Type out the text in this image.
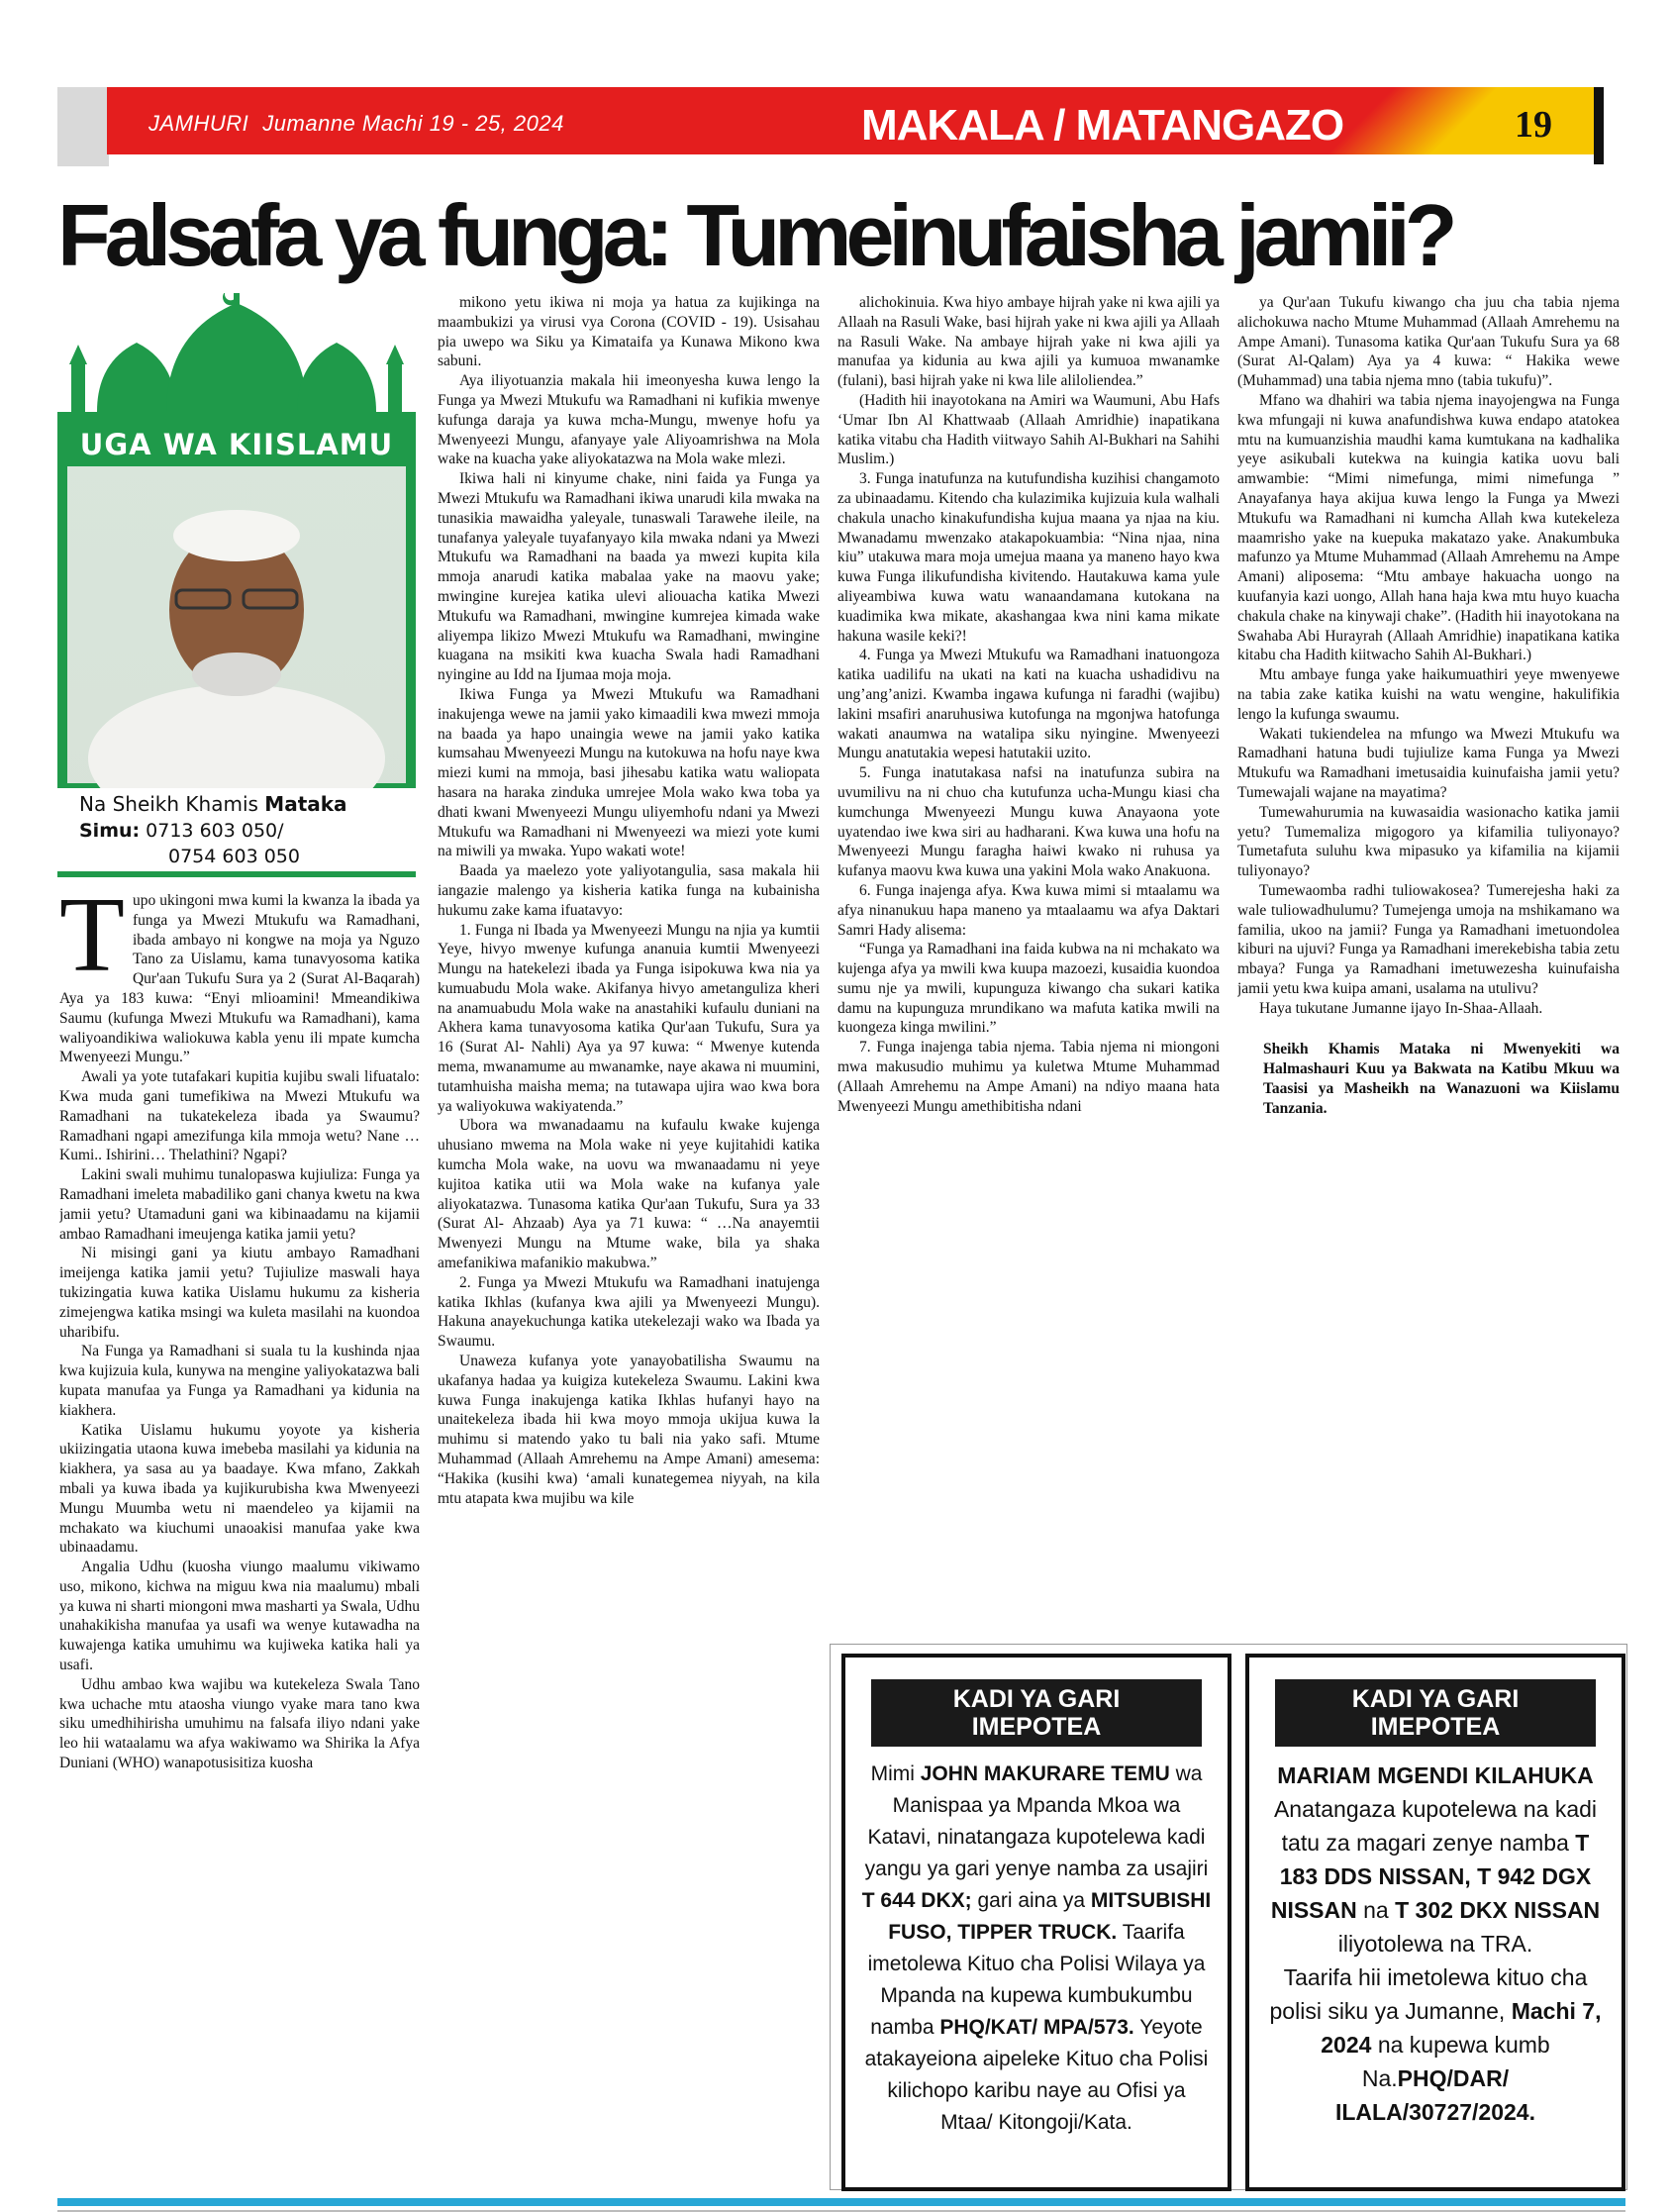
JAMHURI Jumanne Machi 19 - 25, 2024	MAKALA / MATANGAZO	19
Falsafa ya funga: Tumeinufaisha jamii?
UGA WA KIISLAMU
Na Sheikh Khamis Mataka
Simu: 0713 603 050/
0754 603 050
T upo ukingoni mwa kumi la kwanza la ibada ya funga ya Mwezi Mtukufu wa Ramadhani, ibada ambayo ni kongwe na moja ya Nguzo Tano za Uislamu, kama tunavyosoma katika Qur'aan Tukufu Sura ya 2 (Surat Al-Baqarah) Aya ya 183 kuwa: “Enyi mlioamini! Mmeandikiwa Saumu (kufunga Mwezi Mtukufu wa Ramadhani), kama waliyoandikiwa waliokuwa kabla yenu ili mpate kumcha Mwenyeezi Mungu.”

Awali ya yote tutafakari kupitia kujibu swali lifuatalo: Kwa muda gani tumefikiwa na Mwezi Mtukufu wa Ramadhani na tukatekeleza ibada ya Swaumu? Ramadhani ngapi amezifunga kila mmoja wetu? Nane … Kumi.. Ishirini… Thelathini? Ngapi?

Lakini swali muhimu tunalopaswa kujiuliza: Funga ya Ramadhani imeleta mabadiliko gani chanya kwetu na kwa jamii yetu? Utamaduni gani wa kibinaadamu na kijamii ambao Ramadhani imeujenga katika jamii yetu?

Ni misingi gani ya kiutu ambayo Ramadhani imeijenga katika jamii yetu? Tujiulize maswali haya tukizingatia kuwa katika Uislamu hukumu za kisheria zimejengwa katika msingi wa kuleta masilahi na kuondoa uharibifu.

Na Funga ya Ramadhani si suala tu la kushinda njaa kwa kujizuia kula, kunywa na mengine yaliyokatazwa bali kupata manufaa ya Funga ya Ramadhani ya kidunia na kiakhera.

Katika Uislamu hukumu yoyote ya kisheria ukiizingatia utaona kuwa imebeba masilahi ya kidunia na kiakhera, ya sasa au ya baadaye. Kwa mfano, Zakkah mbali ya kuwa ibada ya kujikurubisha kwa Mwenyeezi Mungu Muumba wetu ni maendeleo ya kijamii na mchakato wa kiuchumi unaoakisi manufaa yake kwa ubinaadamu.

Angalia Udhu (kuosha viungo maalumu vikiwamo uso, mikono, kichwa na miguu kwa nia maalumu) mbali ya kuwa ni sharti miongoni mwa masharti ya Swala, Udhu unahakikisha manufaa ya usafi wa wenye kutawadha na kuwajenga katika umuhimu wa kujiweka katika hali ya usafi.

Udhu ambao kwa wajibu wa kutekeleza Swala Tano kwa uchache mtu ataosha viungo vyake mara tano kwa siku umedhihirisha umuhimu na falsafa iliyo ndani yake leo hii wataalamu wa afya wakiwamo wa Shirika la Afya Duniani (WHO) wanapotusisitiza kuosha

mikono yetu ikiwa ni moja ya hatua za kujikinga na maambukizi ya virusi vya Corona (COVID - 19). Usisahau pia uwepo wa Siku ya Kimataifa ya Kunawa Mikono kwa sabuni.

Aya iliyotuanzia makala hii imeonyesha kuwa lengo la Funga ya Mwezi Mtukufu wa Ramadhani ni kufikia mwenye kufunga daraja ya kuwa mcha-Mungu, mwenye hofu ya Mwenyeezi Mungu, afanyaye yale Aliyoamrishwa na Mola wake na kuacha yake aliyokatazwa na Mola wake mlezi.

Ikiwa hali ni kinyume chake, nini faida ya Funga ya Mwezi Mtukufu wa Ramadhani ikiwa unarudi kila mwaka na tunasikia mawaidha yaleyale, tunaswali Tarawehe ileile, na tunafanya yaleyale tuyafanyayo kila mwaka ndani ya Mwezi Mtukufu wa Ramadhani na baada ya mwezi kupita kila mmoja anarudi katika mabalaa yake na maovu yake; mwingine kurejea katika ulevi aliouacha katika Mwezi Mtukufu wa Ramadhani, mwingine kumrejea kimada wake aliyempa likizo Mwezi Mtukufu wa Ramadhani, mwingine kuagana na msikiti kwa kuacha Swala hadi Ramadhani nyingine au Idd na Ijumaa moja moja.

Ikiwa Funga ya Mwezi Mtukufu wa Ramadhani inakujenga wewe na jamii yako kimaadili kwa mwezi mmoja na baada ya hapo unaingia wewe na jamii yako katika kumsahau Mwenyeezi Mungu na kutokuwa na hofu naye kwa miezi kumi na mmoja, basi jihesabu katika watu waliopata hasara na haraka zinduka umrejee Mola wako kwa toba ya dhati kwani Mwenyeezi Mungu uliyemhofu ndani ya Mwezi Mtukufu wa Ramadhani ni Mwenyeezi wa miezi yote kumi na miwili ya mwaka. Yupo wakati wote!

Baada ya maelezo yote yaliyotangulia, sasa makala hii iangazie malengo ya kisheria katika funga na kubainisha hukumu zake kama ifuatavyo:

1. Funga ni Ibada ya Mwenyeezi Mungu na njia ya kumtii Yeye, hivyo mwenye kufunga ananuia kumtii Mwenyeezi Mungu na hatekelezi ibada ya Funga isipokuwa kwa nia ya kumuabudu Mola wake. Akifanya hivyo ametanguliza kheri na anamuabudu Mola wake na anastahiki kufaulu duniani na Akhera kama tunavyosoma katika Qur'aan Tukufu, Sura ya 16 (Surat Al- Nahli) Aya ya 97 kuwa: “ Mwenye kutenda mema, mwanamume au mwanamke, naye akawa ni muumini, tutamhuisha maisha mema; na tutawapa ujira wao kwa bora ya waliyokuwa wakiyatenda.”

Ubora wa mwanadaamu na kufaulu kwake kujenga uhusiano mwema na Mola wake ni yeye kujitahidi katika kumcha Mola wake, na uovu wa mwanaadamu ni yeye kujitoa katika utii wa Mola wake na kufanya yale aliyokatazwa. Tunasoma katika Qur'aan Tukufu, Sura ya 33 (Surat Al- Ahzaab) Aya ya 71 kuwa: “ …Na anayemtii Mwenyezi Mungu na Mtume wake, bila ya shaka amefanikiwa mafanikio makubwa.”

2. Funga ya Mwezi Mtukufu wa Ramadhani inatujenga katika Ikhlas (kufanya kwa ajili ya Mwenyeezi Mungu). Hakuna anayekuchunga katika utekelezaji wako wa Ibada ya Swaumu.

Unaweza kufanya yote yanayobatilisha Swaumu na ukafanya hadaa ya kuigiza kutekeleza Swaumu. Lakini kwa kuwa Funga inakujenga katika Ikhlas hufanyi hayo na unaitekeleza ibada hii kwa moyo mmoja ukijua kuwa la muhimu si matendo yako tu bali nia yako safi. Mtume Muhammad (Allaah Amrehemu na Ampe Amani) amesema: “Hakika (kusihi kwa) ‘amali kunategemea niyyah, na kila mtu atapata kwa mujibu wa kile

alichokinuia. Kwa hiyo ambaye hijrah yake ni kwa ajili ya Allaah na Rasuli Wake, basi hijrah yake ni kwa ajili ya Allaah na Rasuli Wake. Na ambaye hijrah yake ni kwa ajili ya manufaa ya kidunia au kwa ajili ya kumuoa mwanamke (fulani), basi hijrah yake ni kwa lile aliloliendea.”

(Hadith hii inayotokana na Amiri wa Waumuni, Abu Hafs ‘Umar Ibn Al Khattwaab (Allaah Amridhie) inapatikana katika vitabu cha Hadith viitwayo Sahih Al-Bukhari na Sahihi Muslim.)

3. Funga inatufunza na kutufundisha kuzihisi changamoto za ubinaadamu. Kitendo cha kulazimika kujizuia kula walhali chakula unacho kinakufundisha kujua maana ya njaa na kiu. Mwanadamu mwenzako atakapokuambia: “Nina njaa, nina kiu” utakuwa mara moja umejua maana ya maneno hayo kwa kuwa Funga ilikufundisha kivitendo. Hautakuwa kama yule aliyeambiwa kuwa watu wanaandamana kutokana na kuadimika kwa mikate, akashangaa kwa nini kama mikate hakuna wasile keki?!

4. Funga ya Mwezi Mtukufu wa Ramadhani inatuongoza katika uadilifu na ukati na kati na kuacha ushadidivu na ung’ang’anizi. Kwamba ingawa kufunga ni faradhi (wajibu) lakini msafiri anaruhusiwa kutofunga na mgonjwa hatofunga wakati anaumwa na watalipa siku nyingine. Mwenyeezi Mungu anatutakia wepesi hatutakii uzito.

5. Funga inatutakasa nafsi na inatufunza subira na uvumilivu na ni chuo cha kutufunza ucha-Mungu kiasi cha kumchunga Mwenyeezi Mungu kuwa Anayaona yote uyatendao iwe kwa siri au hadharani. Kwa kuwa una hofu na Mwenyeezi Mungu faragha haiwi kwako ni ruhusa ya kufanya maovu kwa kuwa una yakini Mola wako Anakuona.

6. Funga inajenga afya. Kwa kuwa mimi si mtaalamu wa afya ninanukuu hapa maneno ya mtaalaamu wa afya Daktari Samri Hady alisema:

“Funga ya Ramadhani ina faida kubwa na ni mchakato wa kujenga afya ya mwili kwa kuupa mazoezi, kusaidia kuondoa sumu nje ya mwili, kupunguza kiwango cha sukari katika damu na kupunguza mrundikano wa mafuta katika mwili na kuongeza kinga mwilini.”

7. Funga inajenga tabia njema. Tabia njema ni miongoni mwa makusudio muhimu ya kuletwa Mtume Muhammad (Allaah Amrehemu na Ampe Amani) na ndiyo maana hata Mwenyeezi Mungu amethibitisha ndani

ya Qur'aan Tukufu kiwango cha juu cha tabia njema alichokuwa nacho Mtume Muhammad (Allaah Amrehemu na Ampe Amani). Tunasoma katika Qur'aan Tukufu Sura ya 68 (Surat Al-Qalam) Aya ya 4 kuwa: “ Hakika wewe (Muhammad) una tabia njema mno (tabia tukufu)”.

Mfano wa dhahiri wa tabia njema inayojengwa na Funga kwa mfungaji ni kuwa anafundishwa kuwa endapo atatokea mtu na kumuanzishia maudhi kama kumtukana na kadhalika yeye asikubali kutekwa na kuingia katika uovu bali amwambie: “Mimi nimefunga, mimi nimefunga ” Anayafanya haya akijua kuwa lengo la Funga ya Mwezi Mtukufu wa Ramadhani ni kumcha Allah kwa kutekeleza maamrisho yake na kuepuka makatazo yake. Anakumbuka mafunzo ya Mtume Muhammad (Allaah Amrehemu na Ampe Amani) aliposema: “Mtu ambaye hakuacha uongo na kuufanyia kazi uongo, Allah hana haja kwa mtu huyo kuacha chakula chake na kinywaji chake”. (Hadith hii inayotokana na Swahaba Abi Hurayrah (Allaah Amridhie) inapatikana katika kitabu cha Hadith kiitwacho Sahih Al-Bukhari.)

Mtu ambaye funga yake haikumuathiri yeye mwenyewe na tabia zake katika kuishi na watu wengine, hakulifikia lengo la kufunga swaumu.

Wakati tukiendelea na mfungo wa Mwezi Mtukufu wa Ramadhani hatuna budi tujiulize kama Funga ya Mwezi Mtukufu wa Ramadhani imetusaidia kuinufaisha jamii yetu? Tumewajali wajane na mayatima?

Tumewahurumia na kuwasaidia wasionacho katika jamii yetu? Tumemaliza migogoro ya kifamilia tuliyonayo? Tumetafuta suluhu kwa mipasuko ya kifamilia na kijamii tuliyonayo?

Tumewaomba radhi tuliowakosea? Tumerejesha haki za wale tuliowadhulumu? Tumejenga umoja na mshikamano wa familia, ukoo na jamii? Funga ya Ramadhani imetuondolea kiburi na ujuvi? Funga ya Ramadhani imerekebisha tabia zetu mbaya? Funga ya Ramadhani imetuwezesha kuinufaisha jamii yetu kwa kuipa amani, usalama na utulivu?

Haya tukutane Jumanne ijayo In-Shaa-Allaah.

Sheikh Khamis Mataka ni Mwenyekiti wa Halmashauri Kuu ya Bakwata na Katibu Mkuu wa Taasisi ya Masheikh na Wanazuoni wa Kiislamu Tanzania.

KADI YA GARI
IMEPOTEA
Mimi JOHN MAKURARE TEMU wa Manispaa ya Mpanda Mkoa wa Katavi, ninatangaza kupotelewa kadi yangu ya gari yenye namba za usajiri T 644 DKX; gari aina ya MITSUBISHI FUSO, TIPPER TRUCK. Taarifa imetolewa Kituo cha Polisi Wilaya ya Mpanda na kupewa kumbukumbu namba PHQ/KAT/ MPA/573. Yeyote atakayeiona aipeleke Kituo cha Polisi kilichopo karibu naye au Ofisi ya Mtaa/ Kitongoji/Kata.
KADI YA GARI
IMEPOTEA
MARIAM MGENDI KILAHUKA
Anatangaza kupotelewa na kadi tatu za magari zenye namba T 183 DDS NISSAN, T 942 DGX NISSAN na T 302 DKX NISSAN iliyotolewa na TRA.
Taarifa hii imetolewa kituo cha polisi siku ya Jumanne, Machi 7, 2024 na kupewa kumb Na.PHQ/DAR/ ILALA/30727/2024.
